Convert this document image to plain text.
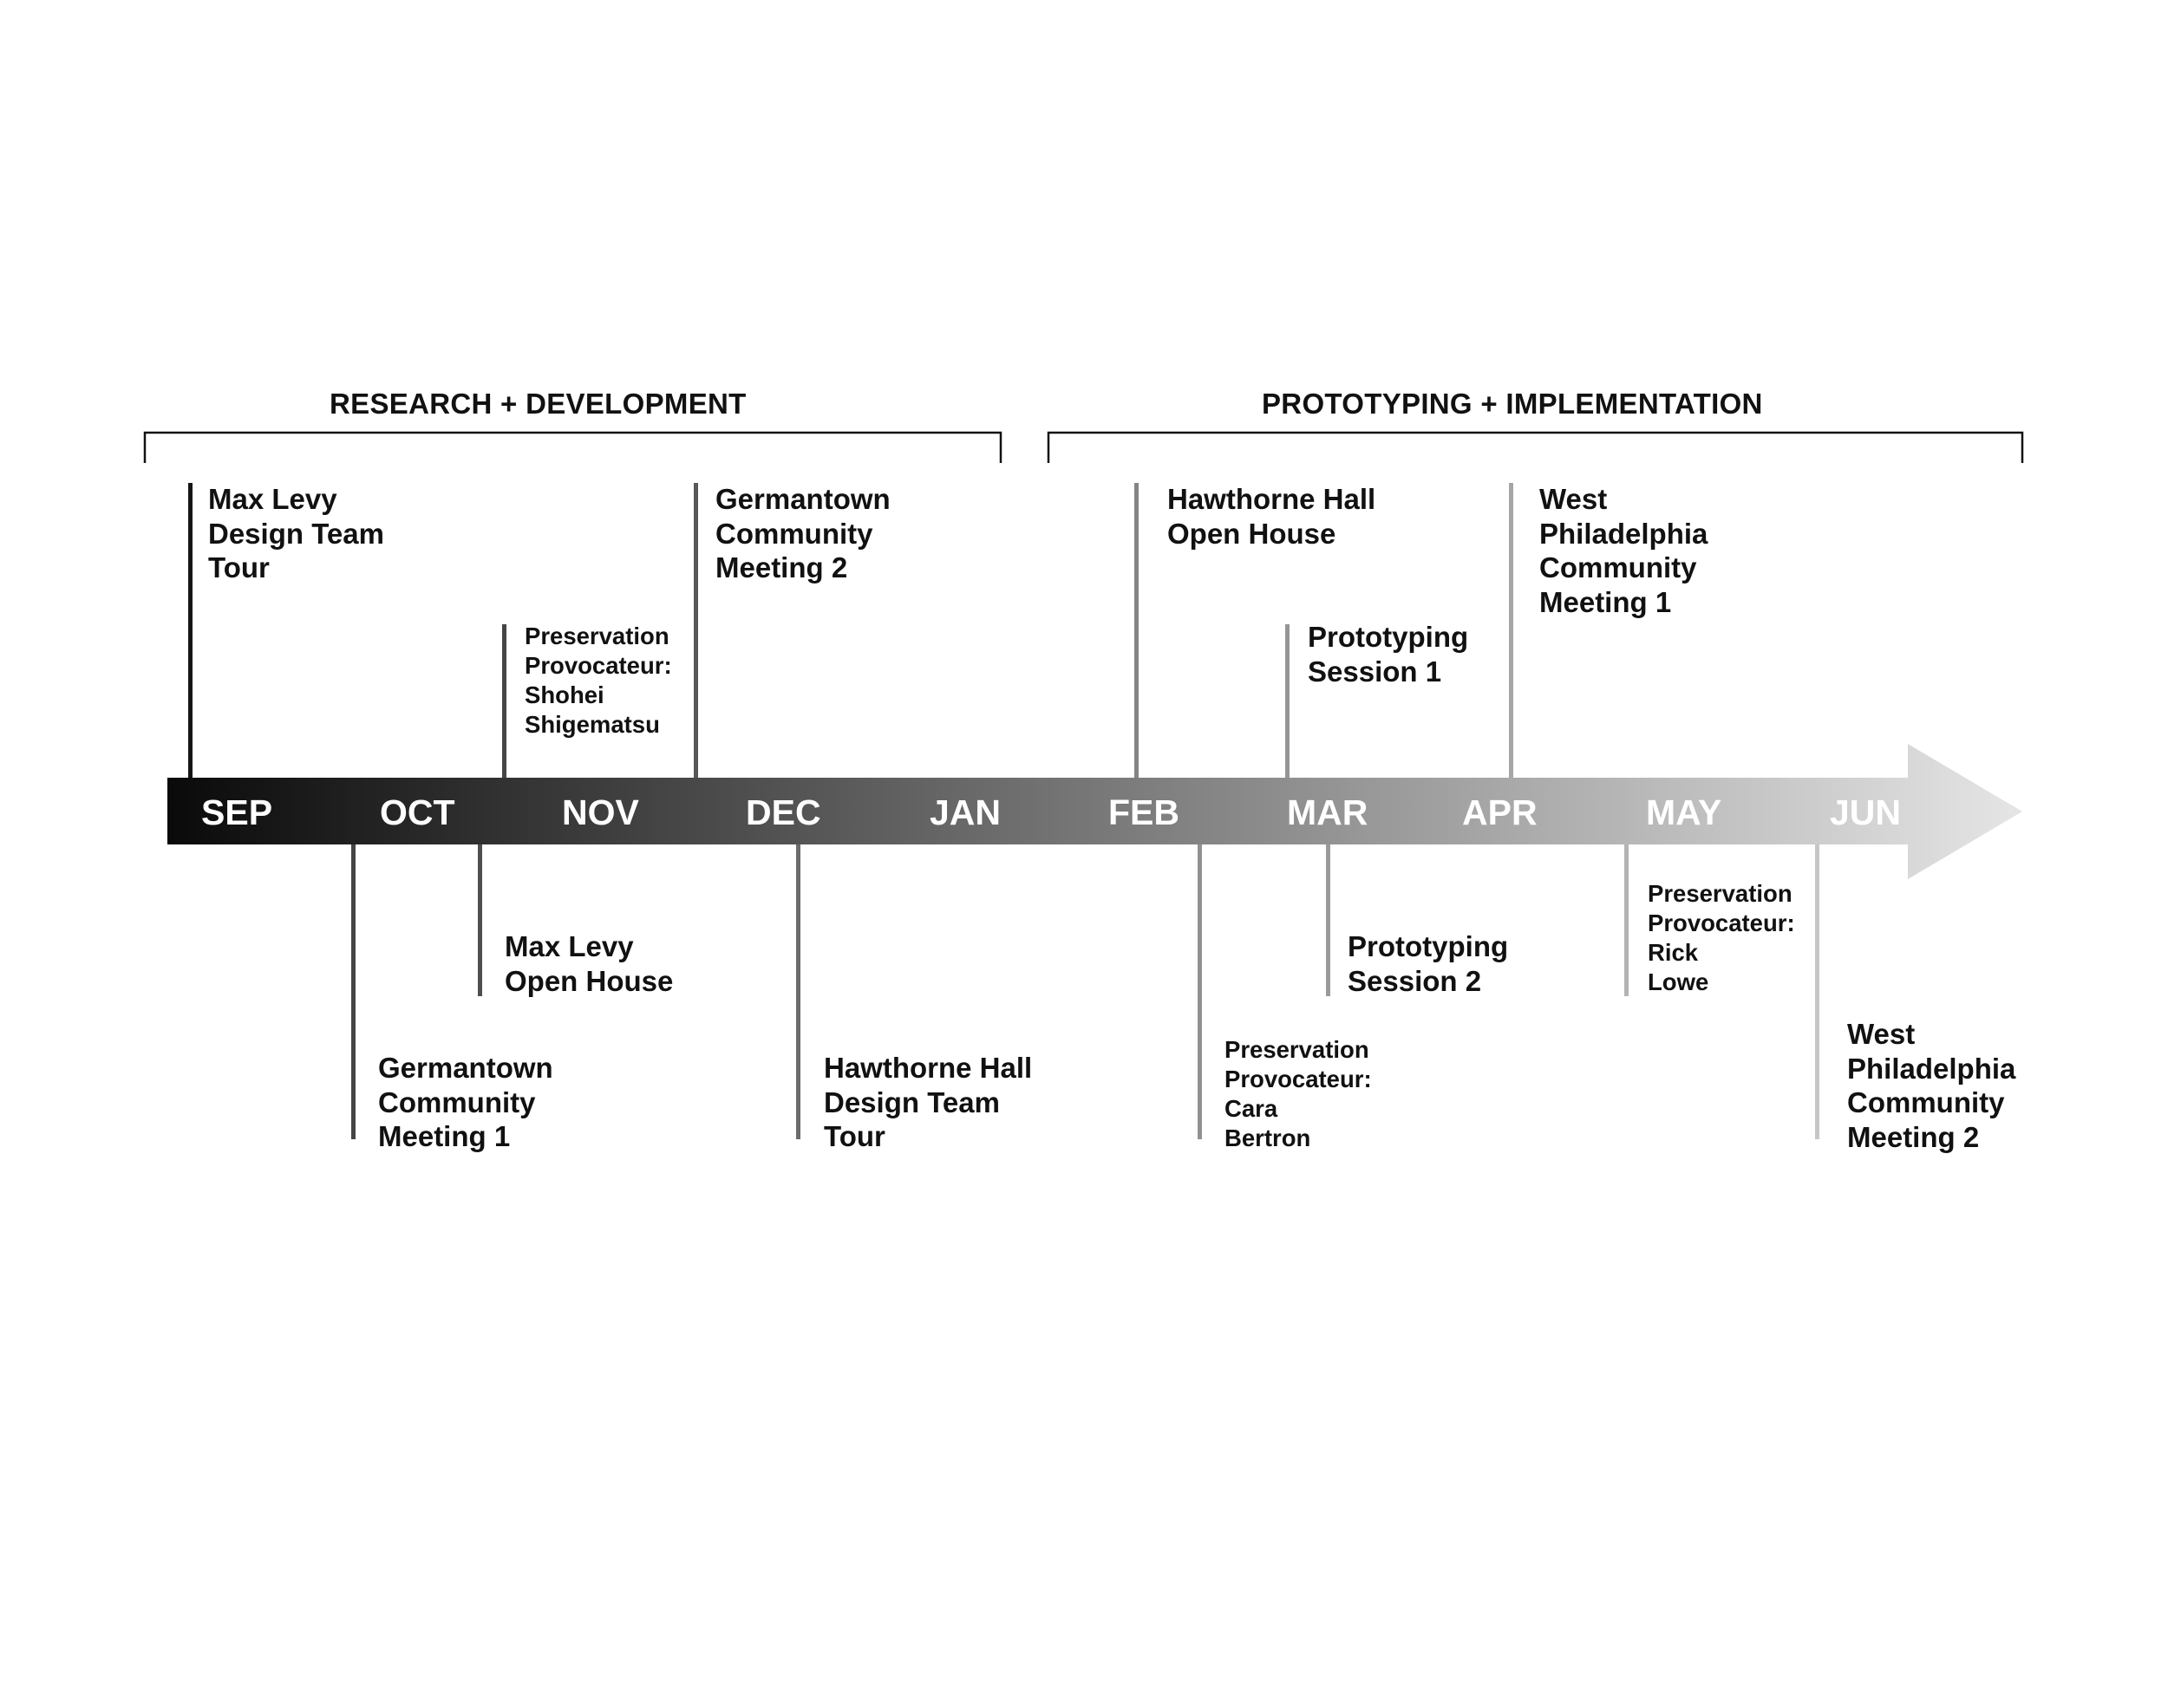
RESEARCH + DEVELOPMENT	PROTOTYPING + IMPLEMENTATION
SEP	OCT	NOV	DEC	JAN	FEB	MAR	APR	MAY	JUN
Max Levy
Design Team
Tour
Preservation
Provocateur:
Shohei
Shigematsu
Germantown
Community
Meeting 2
Hawthorne Hall
Open House
Prototyping
Session 1
West
Philadelphia
Community
Meeting 1
Germantown
Community
Meeting 1
Max Levy
Open House
Hawthorne Hall
Design Team
Tour
Preservation
Provocateur:
Cara
Bertron
Prototyping
Session 2
Preservation
Provocateur:
Rick
Lowe
West
Philadelphia
Community
Meeting 2
